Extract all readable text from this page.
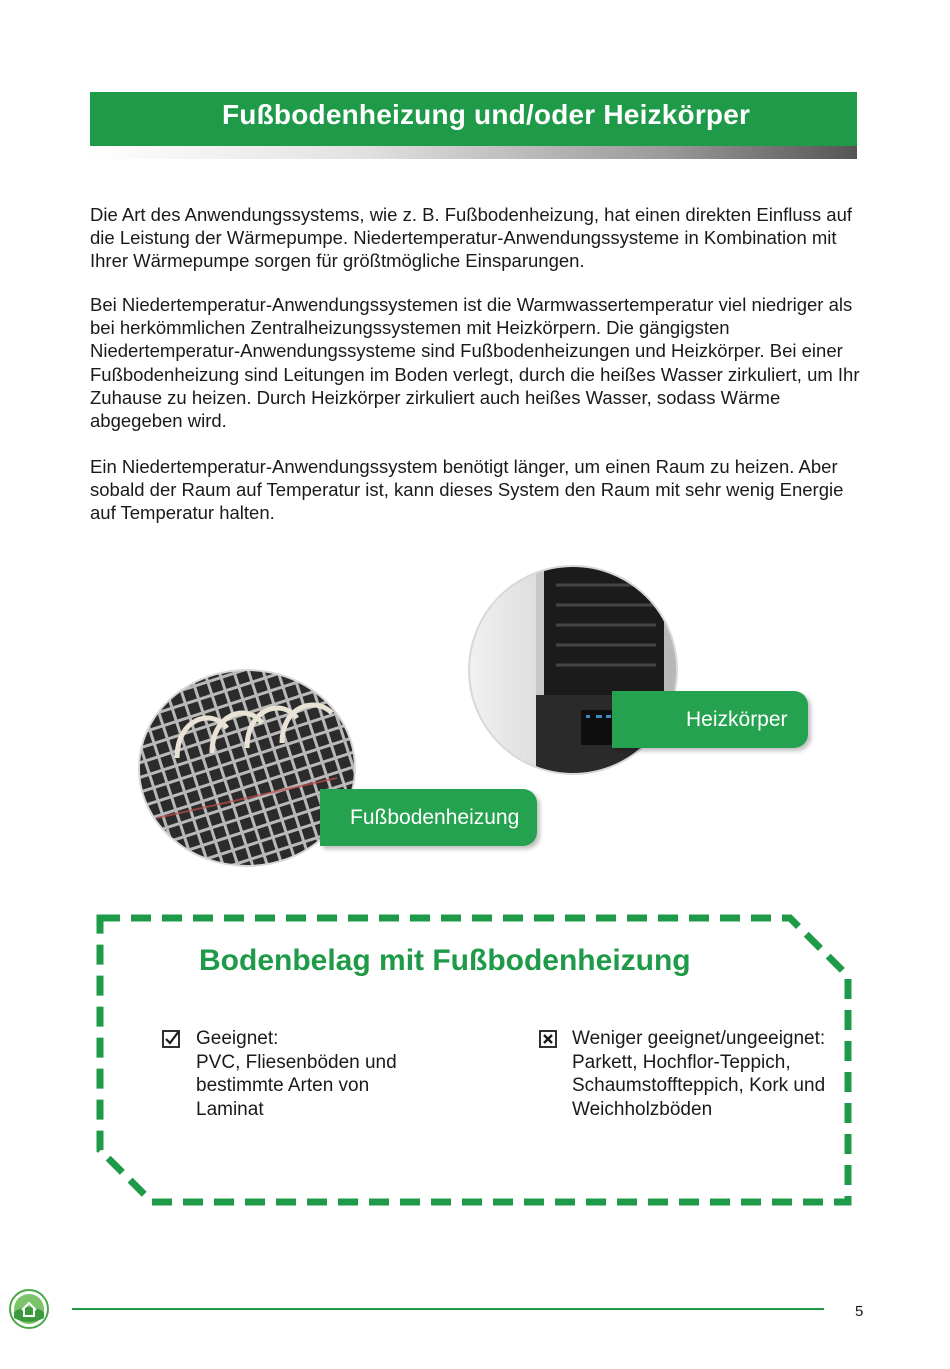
Fußbodenheizung und/oder Heizkörper

Die Art des Anwendungssystems, wie z. B. Fußbodenheizung, hat einen direkten Einfluss auf die Leistung der Wärmepumpe. Niedertemperatur-Anwendungssysteme in Kombination mit Ihrer Wärmepumpe sorgen für größtmögliche Einsparungen.

Bei Niedertemperatur-Anwendungssystemen ist die Warmwassertemperatur viel niedriger als bei herkömmlichen Zentralheizungssystemen mit Heizkörpern. Die gängigsten Niedertemperatur-Anwendungssysteme sind Fußbodenheizungen und Heizkörper. Bei einer Fußbodenheizung sind Leitungen im Boden verlegt, durch die heißes Wasser zirkuliert, um Ihr Zuhause zu heizen. Durch Heizkörper zirkuliert auch heißes Wasser, sodass Wärme abgegeben wird.

Ein Niedertemperatur-Anwendungssystem benötigt länger, um einen Raum zu heizen. Aber sobald der Raum auf Temperatur ist, kann dieses System den Raum mit sehr wenig Energie auf Temperatur halten.

Heizkörper
Fußbodenheizung
Bodenbelag mit Fußbodenheizung
Geeignet:
PVC, Fliesenböden und bestimmte Arten von Laminat
Weniger geeignet/ungeeignet:
Parkett, Hochflor-Teppich, Schaumstoffteppich, Kork und Weichholzböden
5
